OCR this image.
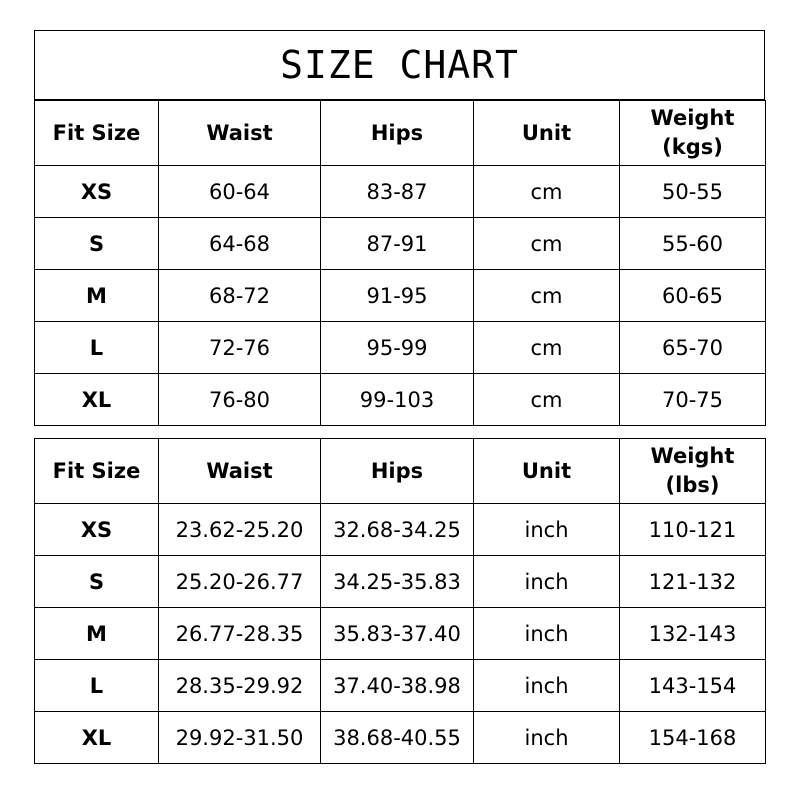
SIZE CHART
Fit Size	Waist	Hips	Unit	Weight
(kgs)

XS	60-64	83-87	cm	50-55
S	64-68	87-91	cm	55-60
M	68-72	91-95	cm	60-65
L	72-76	95-99	cm	65-70
XL	76-80	99-103	cm	70-75
Fit Size	Waist	Hips	Unit	Weight
(lbs)

XS	23.62-25.20	32.68-34.25	inch	110-121
S	25.20-26.77	34.25-35.83	inch	121-132
M	26.77-28.35	35.83-37.40	inch	132-143
L	28.35-29.92	37.40-38.98	inch	143-154
XL	29.92-31.50	38.68-40.55	inch	154-168
